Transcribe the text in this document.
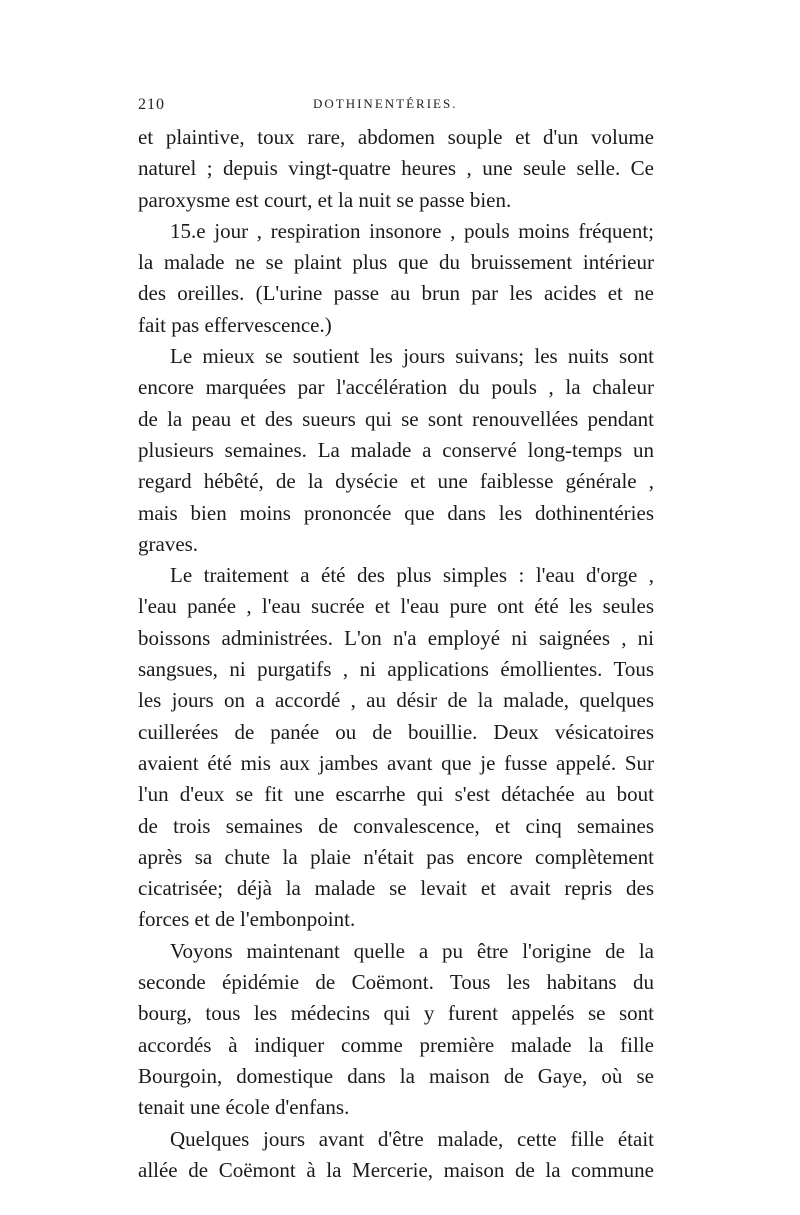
210	DOTHINENTÉRIES.
et plaintive, toux rare, abdomen souple et d'un volume
naturel ; depuis vingt-quatre heures , une seule selle. Ce
paroxysme est court, et la nuit se passe bien.
15.e jour , respiration insonore , pouls moins fréquent;
la malade ne se plaint plus que du bruissement intérieur
des oreilles. (L'urine passe au brun par les acides et ne
fait pas effervescence.)
Le mieux se soutient les jours suivans; les nuits sont
encore marquées par l'accélération du pouls , la chaleur
de la peau et des sueurs qui se sont renouvellées pendant
plusieurs semaines. La malade a conservé long-temps un
regard hébêté, de la dysécie et une faiblesse générale ,
mais bien moins prononcée que dans les dothinentéries
graves.
Le traitement a été des plus simples : l'eau d'orge ,
l'eau panée , l'eau sucrée et l'eau pure ont été les seules
boissons administrées. L'on n'a employé ni saignées , ni
sangsues, ni purgatifs , ni applications émollientes. Tous
les jours on a accordé , au désir de la malade, quelques
cuillerées de panée ou de bouillie. Deux vésicatoires
avaient été mis aux jambes avant que je fusse appelé. Sur
l'un d'eux se fit une escarrhe qui s'est détachée au bout
de trois semaines de convalescence, et cinq semaines
après sa chute la plaie n'était pas encore complètement
cicatrisée; déjà la malade se levait et avait repris des
forces et de l'embonpoint.
Voyons maintenant quelle a pu être l'origine de la
seconde épidémie de Coëmont. Tous les habitans du
bourg, tous les médecins qui y furent appelés se sont
accordés à indiquer comme première malade la fille
Bourgoin, domestique dans la maison de Gaye, où se
tenait une école d'enfans.
Quelques jours avant d'être malade, cette fille était
allée de Coëmont à la Mercerie, maison de la commune
